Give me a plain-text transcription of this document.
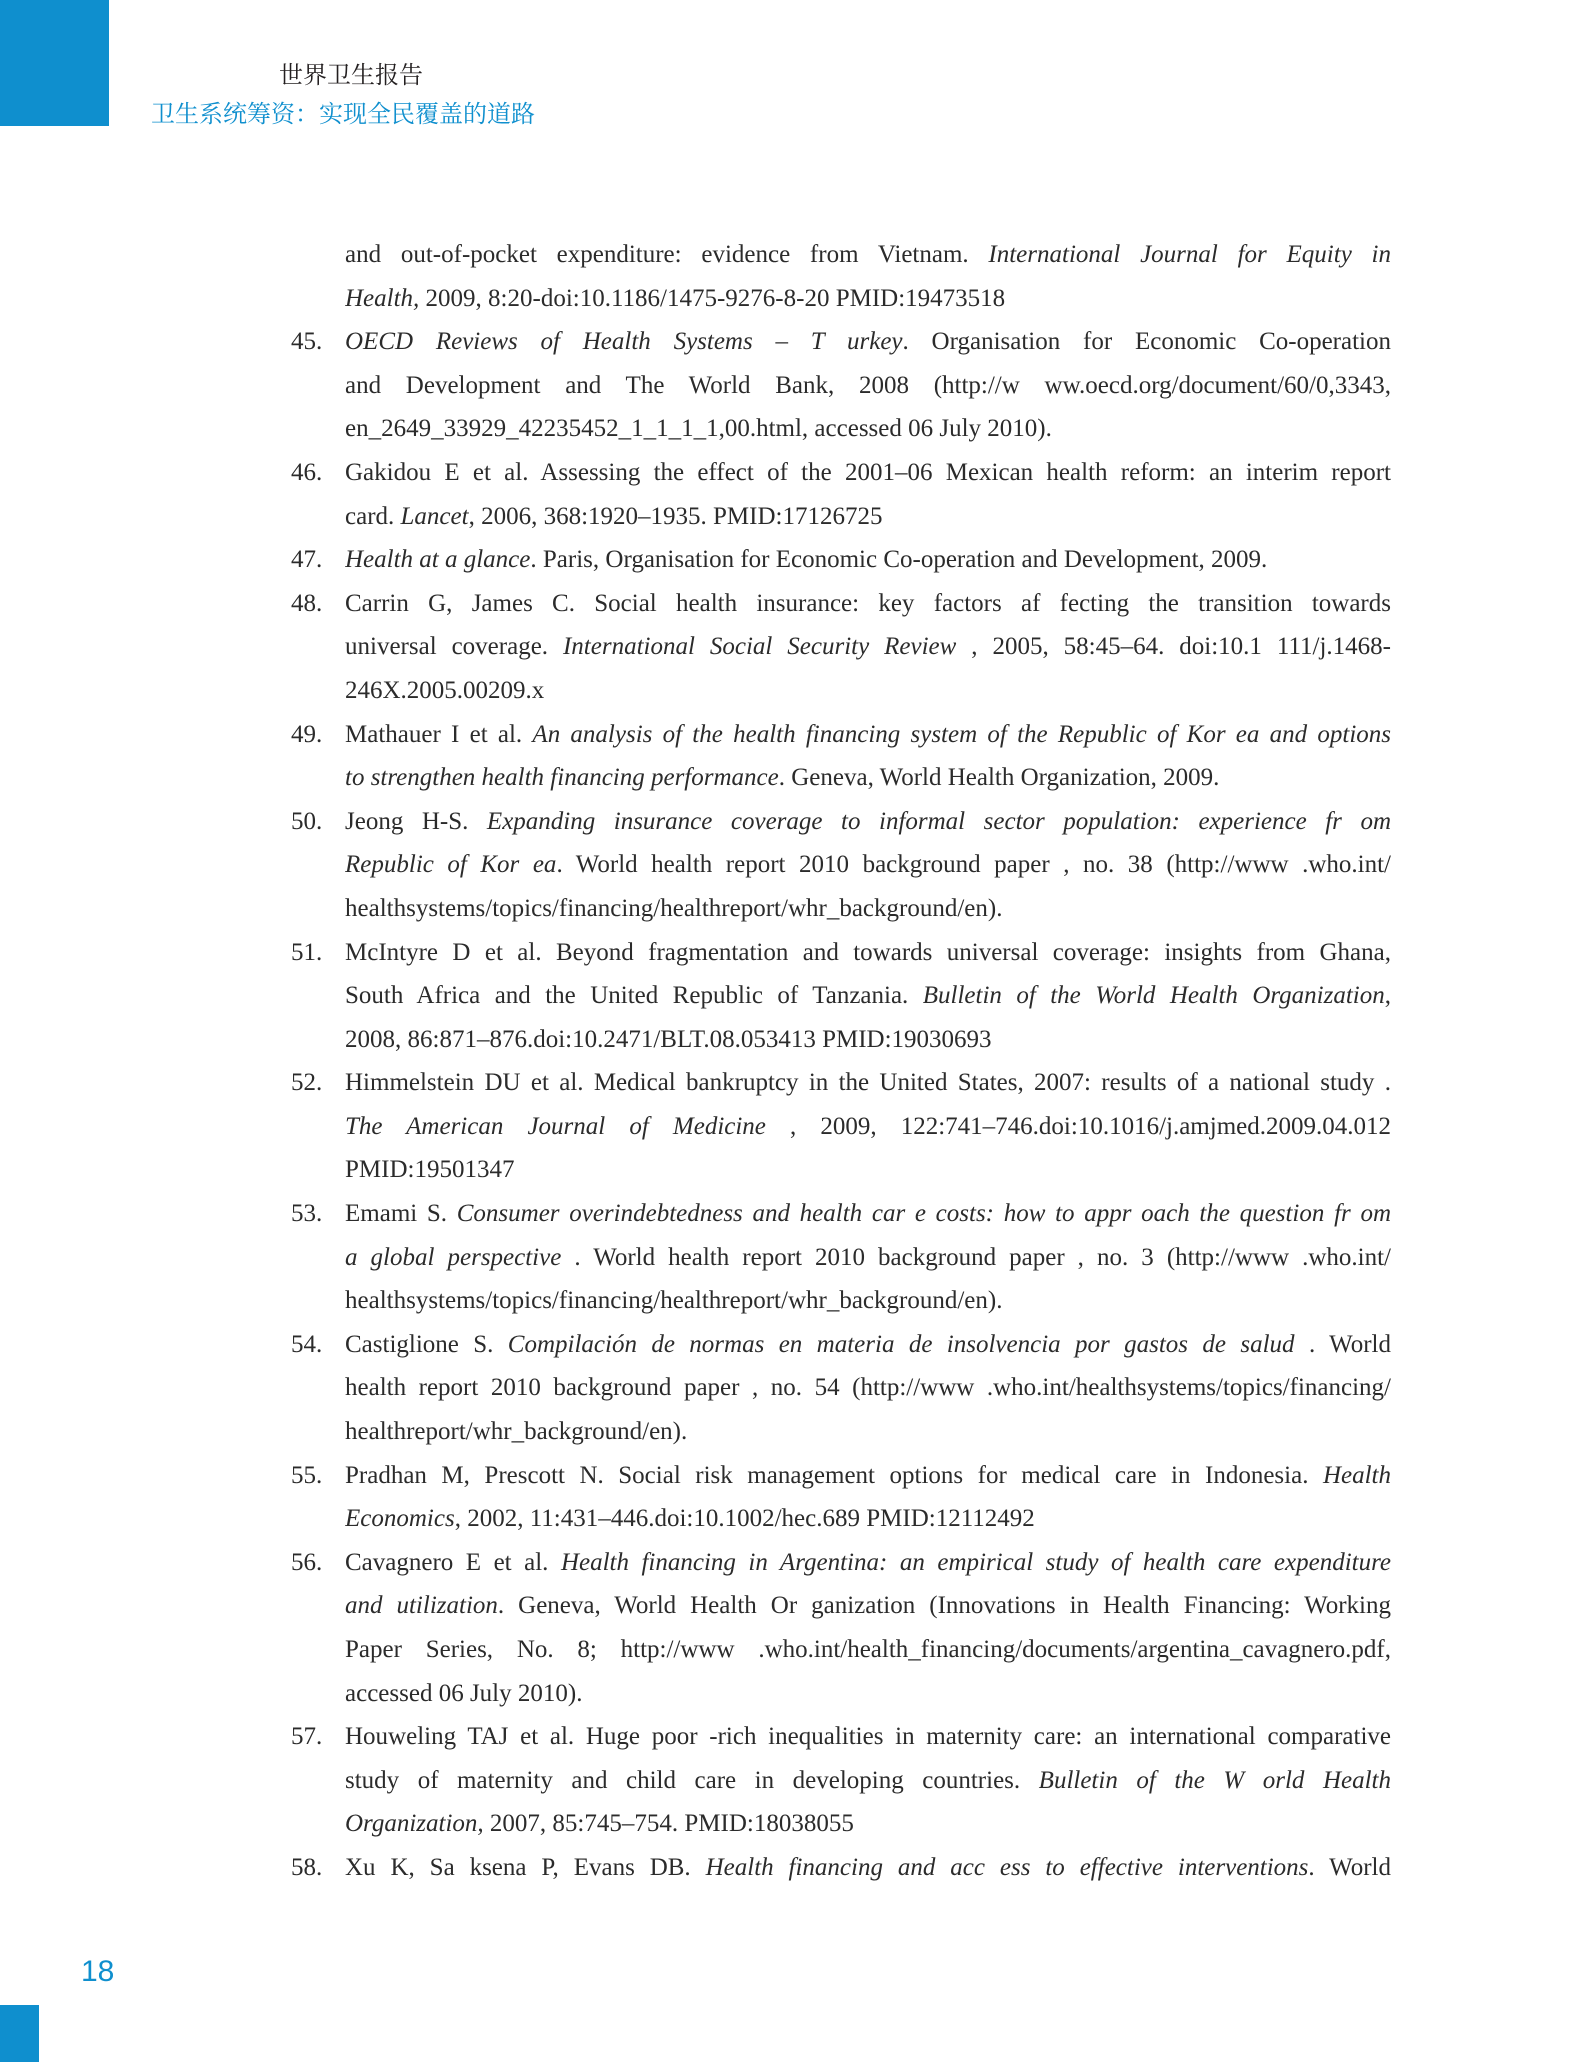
世界卫生报告
卫生系统筹资：实现全民覆盖的道路
and out-of-pocket expenditure: evidence from Vietnam. International Journal for Equity in
Health, 2009, 8:20-doi:10.1186/1475-9276-8-20 PMID:19473518
45. OECD Reviews of Health Systems – T urkey. Organisation for Economic Co-operation
and Development and The World Bank, 2008 (http://w ww.oecd.org/document/60/0,3343,
en_2649_33929_42235452_1_1_1_1,00.html, accessed 06 July 2010).
46. Gakidou E et al. Assessing the effect of the 2001–06 Mexican health reform: an interim report
card. Lancet, 2006, 368:1920–1935. PMID:17126725
47. Health at a glance. Paris, Organisation for Economic Co-operation and Development, 2009.
48. Carrin G, James C. Social health insurance: key factors af fecting the transition towards
universal coverage. International Social Security Review , 2005, 58:45–64. doi:10.1 111/j.1468-
246X.2005.00209.x
49. Mathauer I et al. An analysis of the health financing system of the Republic of Kor ea and options
to strengthen health financing performance. Geneva, World Health Organization, 2009.
50. Jeong H-S. Expanding insurance coverage to informal sector population: experience fr om
Republic of Kor ea. World health report 2010 background paper , no. 38 (http://www .who.int/
healthsystems/topics/financing/healthreport/whr_background/en).
51. McIntyre D et al. Beyond fragmentation and towards universal coverage: insights from Ghana,
South Africa and the United Republic of Tanzania. Bulletin of the World Health Organization,
2008, 86:871–876.doi:10.2471/BLT.08.053413 PMID:19030693
52. Himmelstein DU et al. Medical bankruptcy in the United States, 2007: results of a national study .
The American Journal of Medicine , 2009, 122:741–746.doi:10.1016/j.amjmed.2009.04.012
PMID:19501347
53. Emami S. Consumer overindebtedness and health car e costs: how to appr oach the question fr om
a global perspective . World health report 2010 background paper , no. 3 (http://www .who.int/
healthsystems/topics/financing/healthreport/whr_background/en).
54. Castiglione S. Compilación de normas en materia de insolvencia por gastos de salud . World
health report 2010 background paper , no. 54 (http://www .who.int/healthsystems/topics/financing/
healthreport/whr_background/en).
55. Pradhan M, Prescott N. Social risk management options for medical care in Indonesia. Health
Economics, 2002, 11:431–446.doi:10.1002/hec.689 PMID:12112492
56. Cavagnero E et al. Health financing in Argentina: an empirical study of health care expenditure
and utilization. Geneva, World Health Or ganization (Innovations in Health Financing: Working
Paper Series, No. 8; http://www .who.int/health_financing/documents/argentina_cavagnero.pdf,
accessed 06 July 2010).
57. Houweling TAJ et al. Huge poor -rich inequalities in maternity care: an international comparative
study of maternity and child care in developing countries. Bulletin of the W orld Health
Organization, 2007, 85:745–754. PMID:18038055
58. Xu K, Sa ksena P, Evans DB. Health financing and acc ess to effective interventions. World
18
